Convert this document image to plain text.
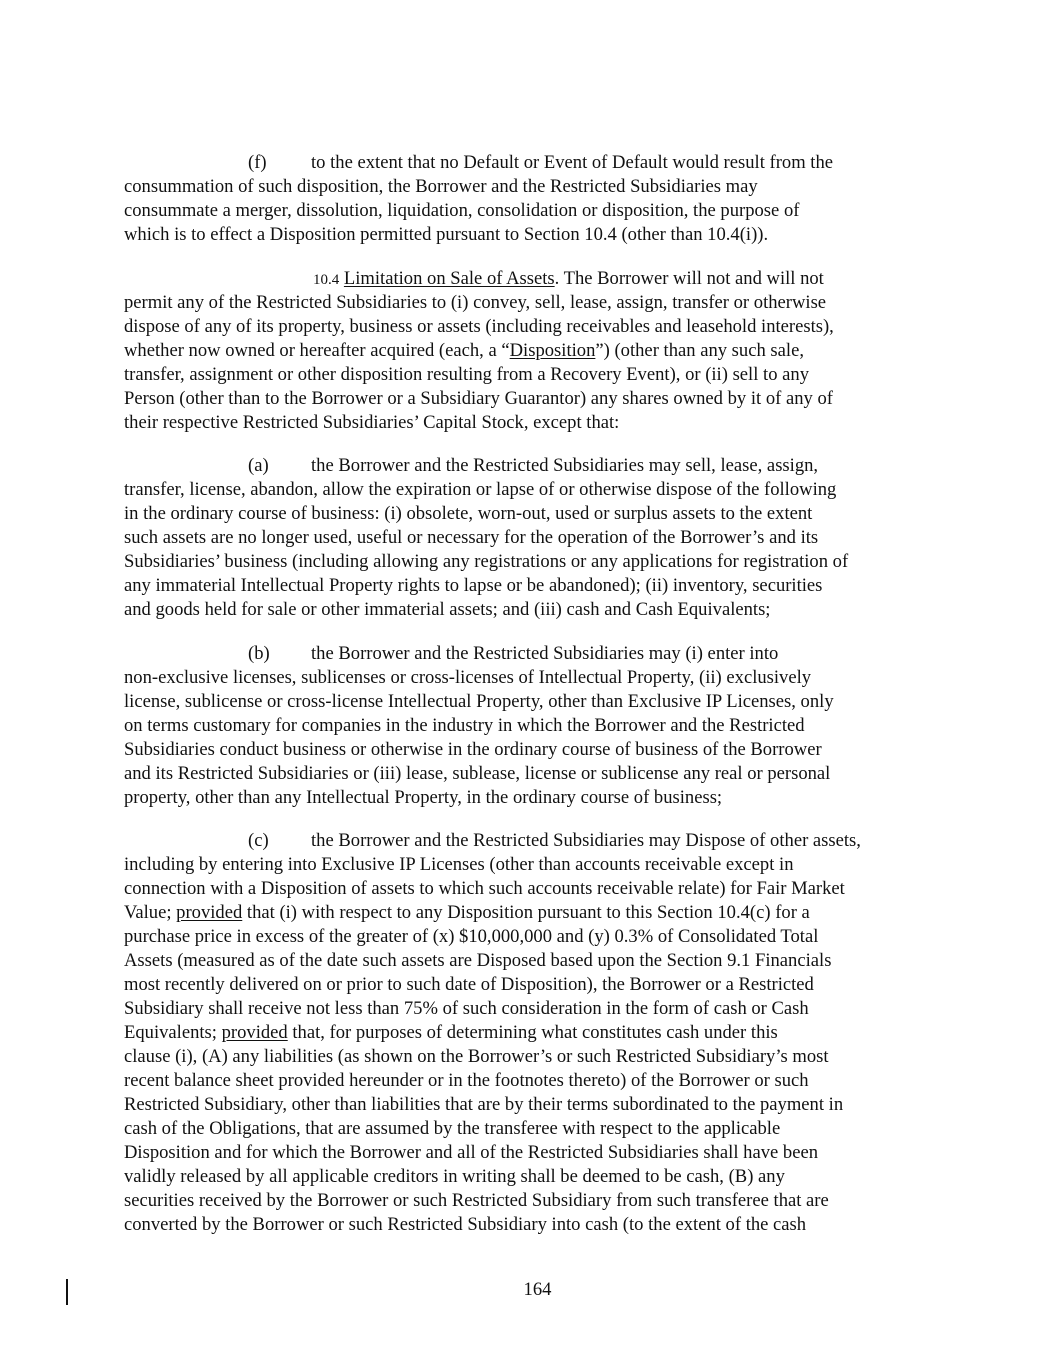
(f) to the extent that no Default or Event of Default would result from the
consummation of such disposition, the Borrower and the Restricted Subsidiaries may
consummate a merger, dissolution, liquidation, consolidation or disposition, the purpose of
which is to effect a Disposition permitted pursuant to Section 10.4 (other than 10.4(i)).
10.4 Limitation on Sale of Assets. The Borrower will not and will not
permit any of the Restricted Subsidiaries to (i) convey, sell, lease, assign, transfer or otherwise
dispose of any of its property, business or assets (including receivables and leasehold interests),
whether now owned or hereafter acquired (each, a “Disposition”) (other than any such sale,
transfer, assignment or other disposition resulting from a Recovery Event), or (ii) sell to any
Person (other than to the Borrower or a Subsidiary Guarantor) any shares owned by it of any of
their respective Restricted Subsidiaries’ Capital Stock, except that:
(a) the Borrower and the Restricted Subsidiaries may sell, lease, assign,
transfer, license, abandon, allow the expiration or lapse of or otherwise dispose of the following
in the ordinary course of business: (i) obsolete, worn-out, used or surplus assets to the extent
such assets are no longer used, useful or necessary for the operation of the Borrower’s and its
Subsidiaries’ business (including allowing any registrations or any applications for registration of
any immaterial Intellectual Property rights to lapse or be abandoned); (ii) inventory, securities
and goods held for sale or other immaterial assets; and (iii) cash and Cash Equivalents;
(b) the Borrower and the Restricted Subsidiaries may (i) enter into
non-exclusive licenses, sublicenses or cross-licenses of Intellectual Property, (ii) exclusively
license, sublicense or cross-license Intellectual Property, other than Exclusive IP Licenses, only
on terms customary for companies in the industry in which the Borrower and the Restricted
Subsidiaries conduct business or otherwise in the ordinary course of business of the Borrower
and its Restricted Subsidiaries or (iii) lease, sublease, license or sublicense any real or personal
property, other than any Intellectual Property, in the ordinary course of business;
(c) the Borrower and the Restricted Subsidiaries may Dispose of other assets,
including by entering into Exclusive IP Licenses (other than accounts receivable except in
connection with a Disposition of assets to which such accounts receivable relate) for Fair Market
Value; provided that (i) with respect to any Disposition pursuant to this Section 10.4(c) for a
purchase price in excess of the greater of (x) $10,000,000 and (y) 0.3% of Consolidated Total
Assets (measured as of the date such assets are Disposed based upon the Section 9.1 Financials
most recently delivered on or prior to such date of Disposition), the Borrower or a Restricted
Subsidiary shall receive not less than 75% of such consideration in the form of cash or Cash
Equivalents; provided that, for purposes of determining what constitutes cash under this
clause (i), (A) any liabilities (as shown on the Borrower’s or such Restricted Subsidiary’s most
recent balance sheet provided hereunder or in the footnotes thereto) of the Borrower or such
Restricted Subsidiary, other than liabilities that are by their terms subordinated to the payment in
cash of the Obligations, that are assumed by the transferee with respect to the applicable
Disposition and for which the Borrower and all of the Restricted Subsidiaries shall have been
validly released by all applicable creditors in writing shall be deemed to be cash, (B) any
securities received by the Borrower or such Restricted Subsidiary from such transferee that are
converted by the Borrower or such Restricted Subsidiary into cash (to the extent of the cash
164
